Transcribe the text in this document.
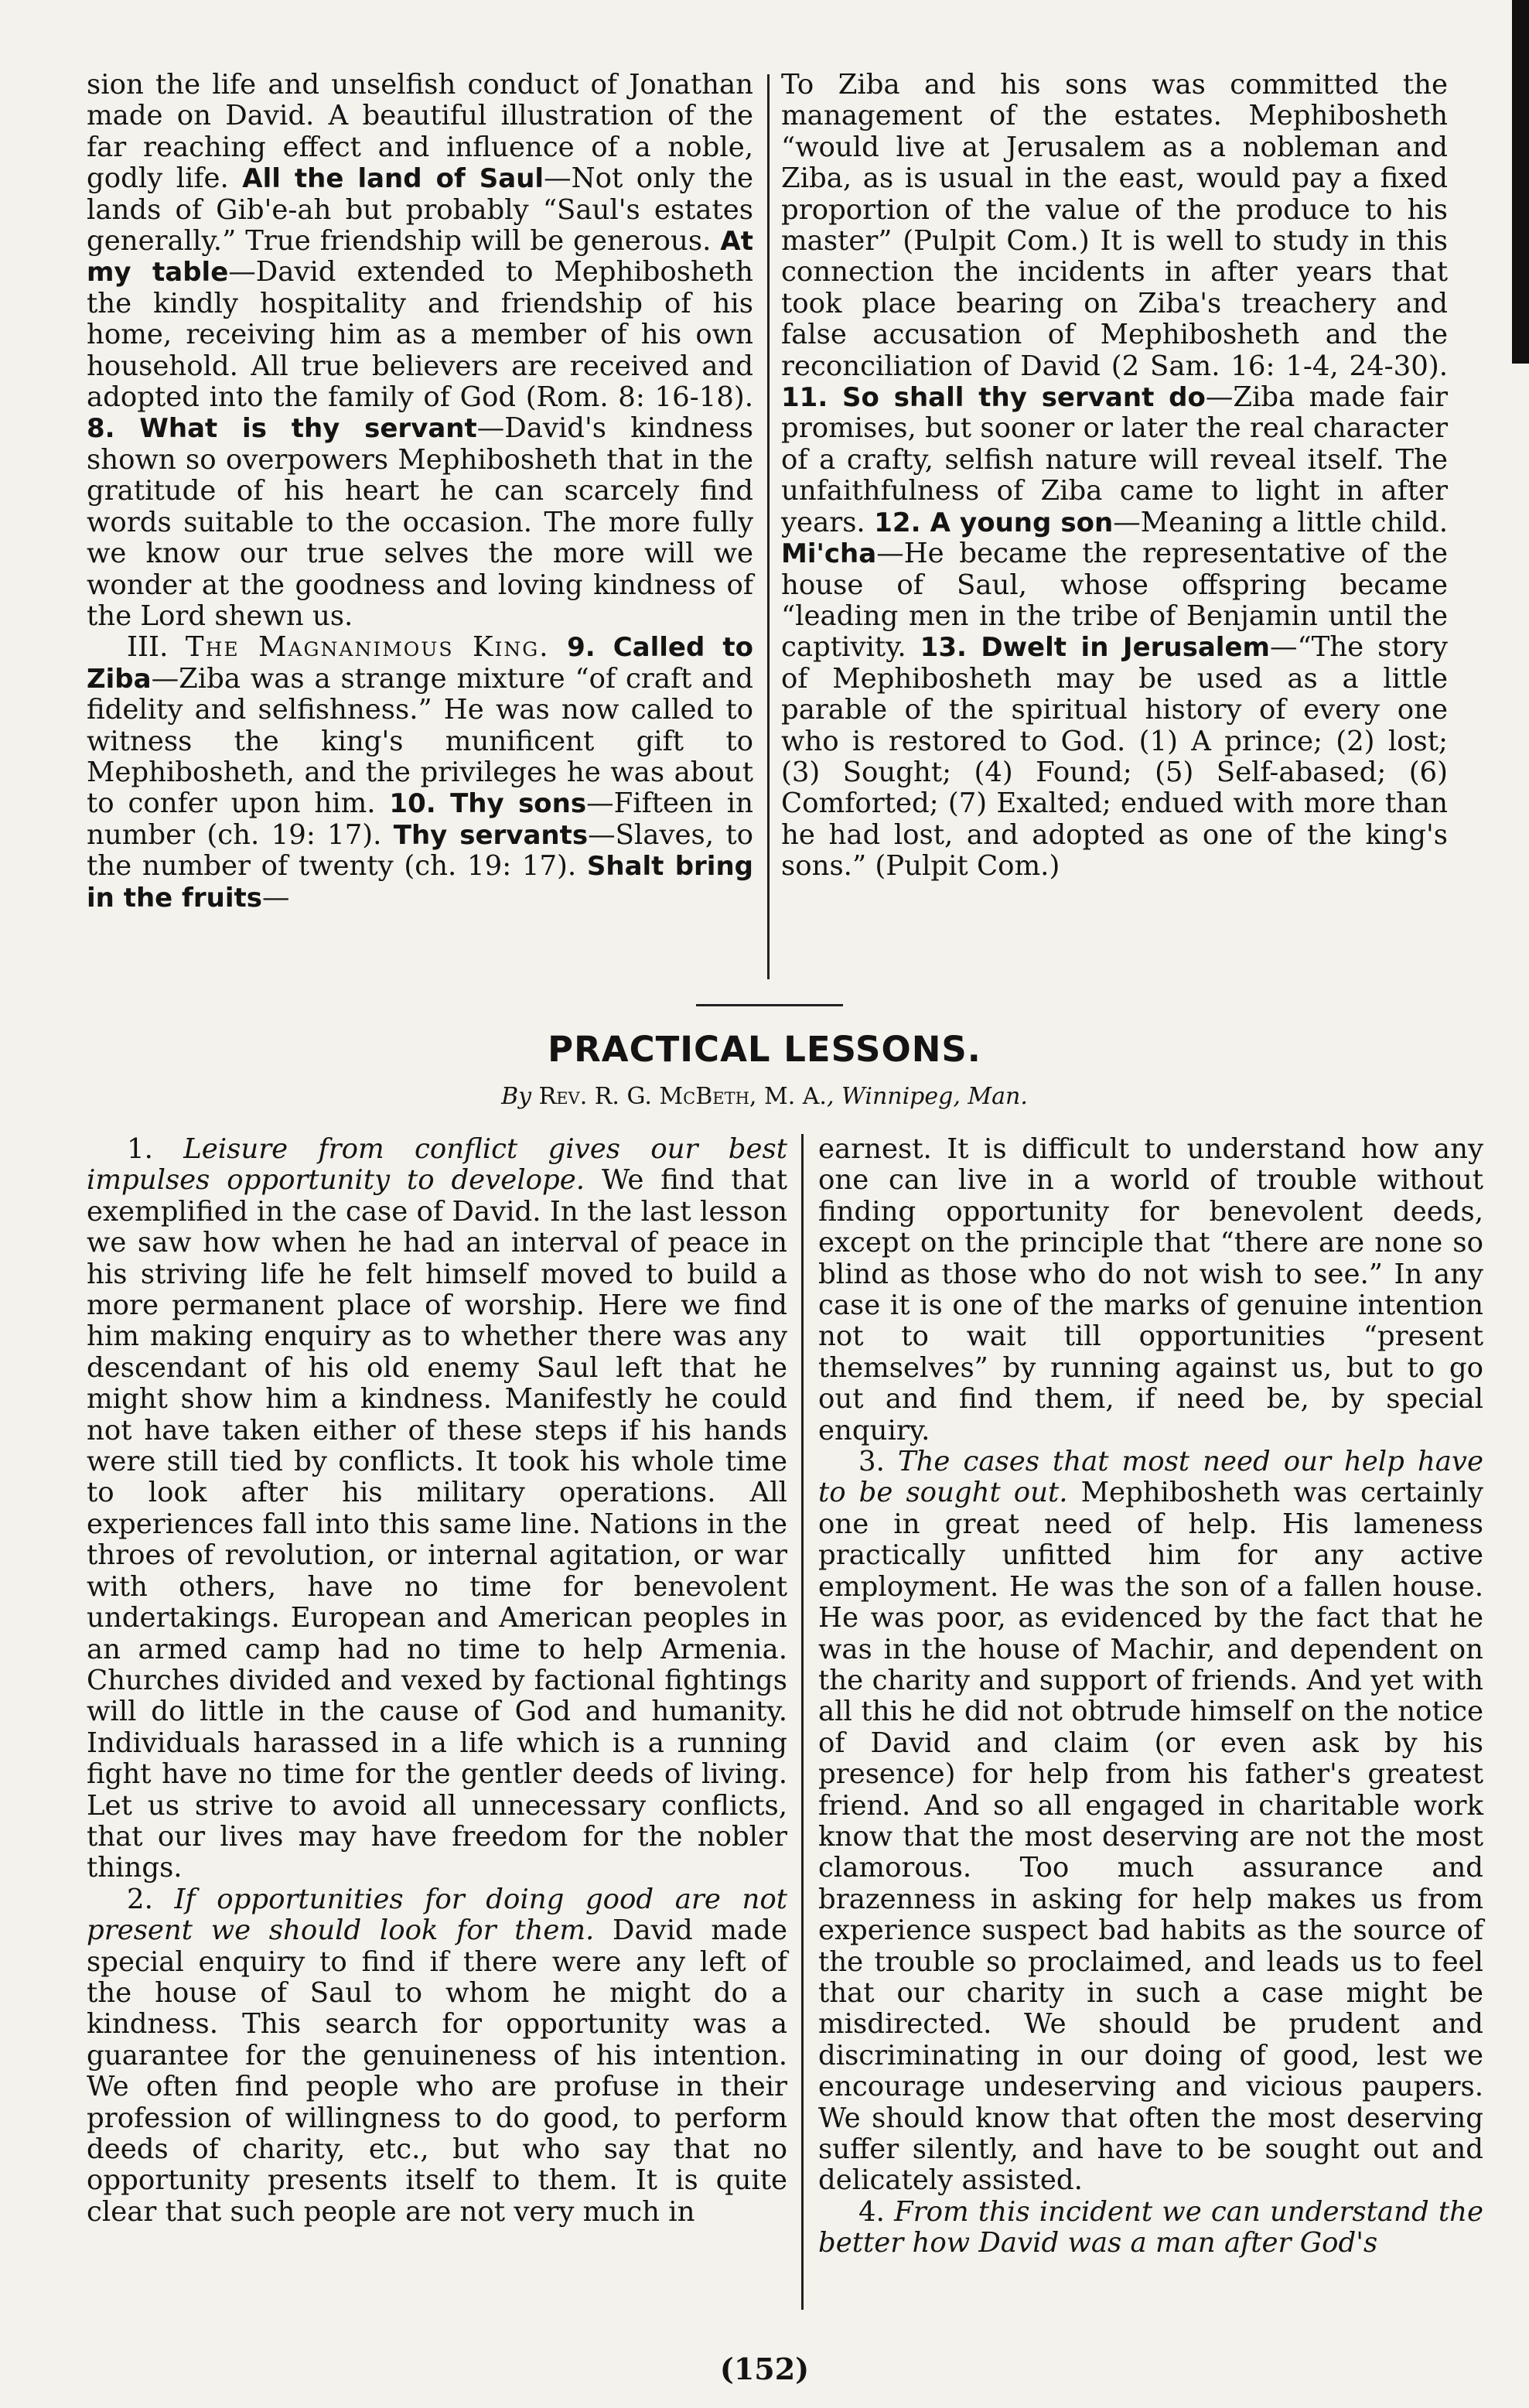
sion the life and unselfish conduct of Jonathan made on David. A beautiful illustration of the far reaching effect and influence of a noble, godly life. All the land of Saul—Not only the lands of Gib'e-ah but probably “Saul's estates generally.” True friendship will be generous. At my table—David extended to Mephibosheth the kindly hospitality and friendship of his home, receiving him as a member of his own household. All true believers are received and adopted into the family of God (Rom. 8: 16-18). 8. What is thy servant—David's kindness shown so overpowers Mephibosheth that in the gratitude of his heart he can scarcely find words suitable to the occasion. The more fully we know our true selves the more will we wonder at the goodness and loving kindness of the Lord shewn us.

III. The Magnanimous King. 9. Called to Ziba—Ziba was a strange mixture “of craft and fidelity and selfishness.” He was now called to witness the king's munificent gift to Mephibosheth, and the privileges he was about to confer upon him. 10. Thy sons—Fifteen in number (ch. 19: 17). Thy servants—Slaves, to the number of twenty (ch. 19: 17). Shalt bring in the fruits—

To Ziba and his sons was committed the management of the estates. Mephibosheth “would live at Jerusalem as a nobleman and Ziba, as is usual in the east, would pay a fixed proportion of the value of the produce to his master” (Pulpit Com.) It is well to study in this connection the incidents in after years that took place bearing on Ziba's treachery and false accusation of Mephibosheth and the reconciliation of David (2 Sam. 16: 1-4, 24-30). 11. So shall thy servant do—Ziba made fair promises, but sooner or later the real character of a crafty, selfish nature will reveal itself. The unfaithfulness of Ziba came to light in after years. 12. A young son—Meaning a little child. Mi'cha—He became the representative of the house of Saul, whose offspring became “leading men in the tribe of Benjamin until the captivity. 13. Dwelt in Jerusalem—“The story of Mephibosheth may be used as a little parable of the spiritual history of every one who is restored to God. (1) A prince; (2) lost; (3) Sought; (4) Found; (5) Self-abased; (6) Comforted; (7) Exalted; endued with more than he had lost, and adopted as one of the king's sons.” (Pulpit Com.)

PRACTICAL LESSONS.
By Rev. R. G. McBeth, M. A., Winnipeg, Man.

1. Leisure from conflict gives our best impulses opportunity to develope. We find that exemplified in the case of David. In the last lesson we saw how when he had an interval of peace in his striving life he felt himself moved to build a more permanent place of worship. Here we find him making enquiry as to whether there was any descendant of his old enemy Saul left that he might show him a kindness. Manifestly he could not have taken either of these steps if his hands were still tied by conflicts. It took his whole time to look after his military operations. All experiences fall into this same line. Nations in the throes of revolution, or internal agitation, or war with others, have no time for benevolent undertakings. European and American peoples in an armed camp had no time to help Armenia. Churches divided and vexed by factional fightings will do little in the cause of God and humanity. Individuals harassed in a life which is a running fight have no time for the gentler deeds of living. Let us strive to avoid all unnecessary conflicts, that our lives may have freedom for the nobler things.

2. If opportunities for doing good are not present we should look for them. David made special enquiry to find if there were any left of the house of Saul to whom he might do a kindness. This search for opportunity was a guarantee for the genuineness of his intention. We often find people who are profuse in their profession of willingness to do good, to perform deeds of charity, etc., but who say that no opportunity presents itself to them. It is quite clear that such people are not very much in

earnest. It is difficult to understand how any one can live in a world of trouble without finding opportunity for benevolent deeds, except on the principle that “there are none so blind as those who do not wish to see.” In any case it is one of the marks of genuine intention not to wait till opportunities “present themselves” by running against us, but to go out and find them, if need be, by special enquiry.

3. The cases that most need our help have to be sought out. Mephibosheth was certainly one in great need of help. His lameness practically unfitted him for any active employment. He was the son of a fallen house. He was poor, as evidenced by the fact that he was in the house of Machir, and dependent on the charity and support of friends. And yet with all this he did not obtrude himself on the notice of David and claim (or even ask by his presence) for help from his father's greatest friend. And so all engaged in charitable work know that the most deserving are not the most clamorous. Too much assurance and brazenness in asking for help makes us from experience suspect bad habits as the source of the trouble so proclaimed, and leads us to feel that our charity in such a case might be misdirected. We should be prudent and discriminating in our doing of good, lest we encourage undeserving and vicious paupers. We should know that often the most deserving suffer silently, and have to be sought out and delicately assisted.

4. From this incident we can understand the better how David was a man after God's

(152)
